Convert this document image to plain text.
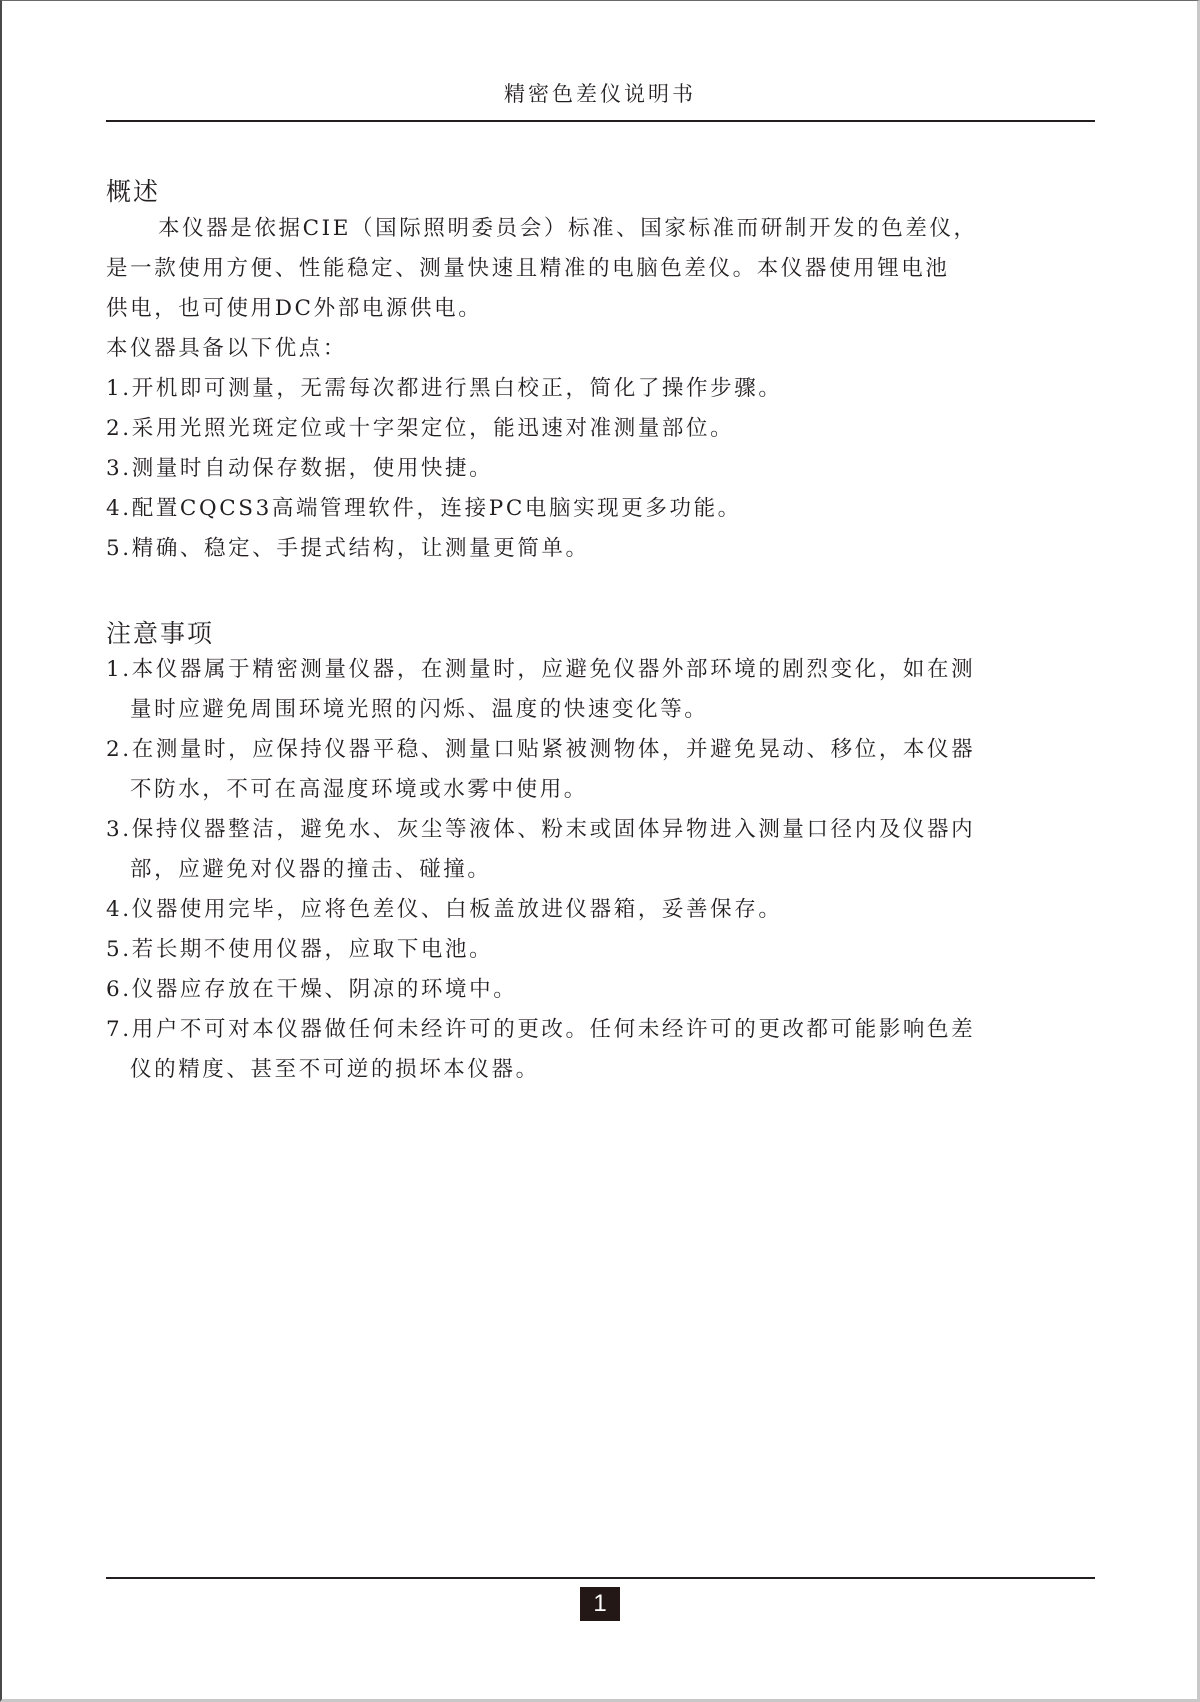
精密色差仪说明书
概述
本仪器是依据CIE（国际照明委员会）标准、国家标准而研制开发的色差仪，
是一款使用方便、性能稳定、测量快速且精准的电脑色差仪。本仪器使用锂电池
供电，也可使用DC外部电源供电。
本仪器具备以下优点：
1.开机即可测量，无需每次都进行黑白校正，简化了操作步骤。
2.采用光照光斑定位或十字架定位，能迅速对准测量部位。
3.测量时自动保存数据，使用快捷。
4.配置CQCS3高端管理软件，连接PC电脑实现更多功能。
5.精确、稳定、手提式结构，让测量更简单。
注意事项
1.本仪器属于精密测量仪器，在测量时，应避免仪器外部环境的剧烈变化，如在测
量时应避免周围环境光照的闪烁、温度的快速变化等。
2.在测量时，应保持仪器平稳、测量口贴紧被测物体，并避免晃动、移位，本仪器
不防水，不可在高湿度环境或水雾中使用。
3.保持仪器整洁，避免水、灰尘等液体、粉末或固体异物进入测量口径内及仪器内
部，应避免对仪器的撞击、碰撞。
4.仪器使用完毕，应将色差仪、白板盖放进仪器箱，妥善保存。
5.若长期不使用仪器，应取下电池。
6.仪器应存放在干燥、阴凉的环境中。
7.用户不可对本仪器做任何未经许可的更改。任何未经许可的更改都可能影响色差
仪的精度、甚至不可逆的损坏本仪器。
1
